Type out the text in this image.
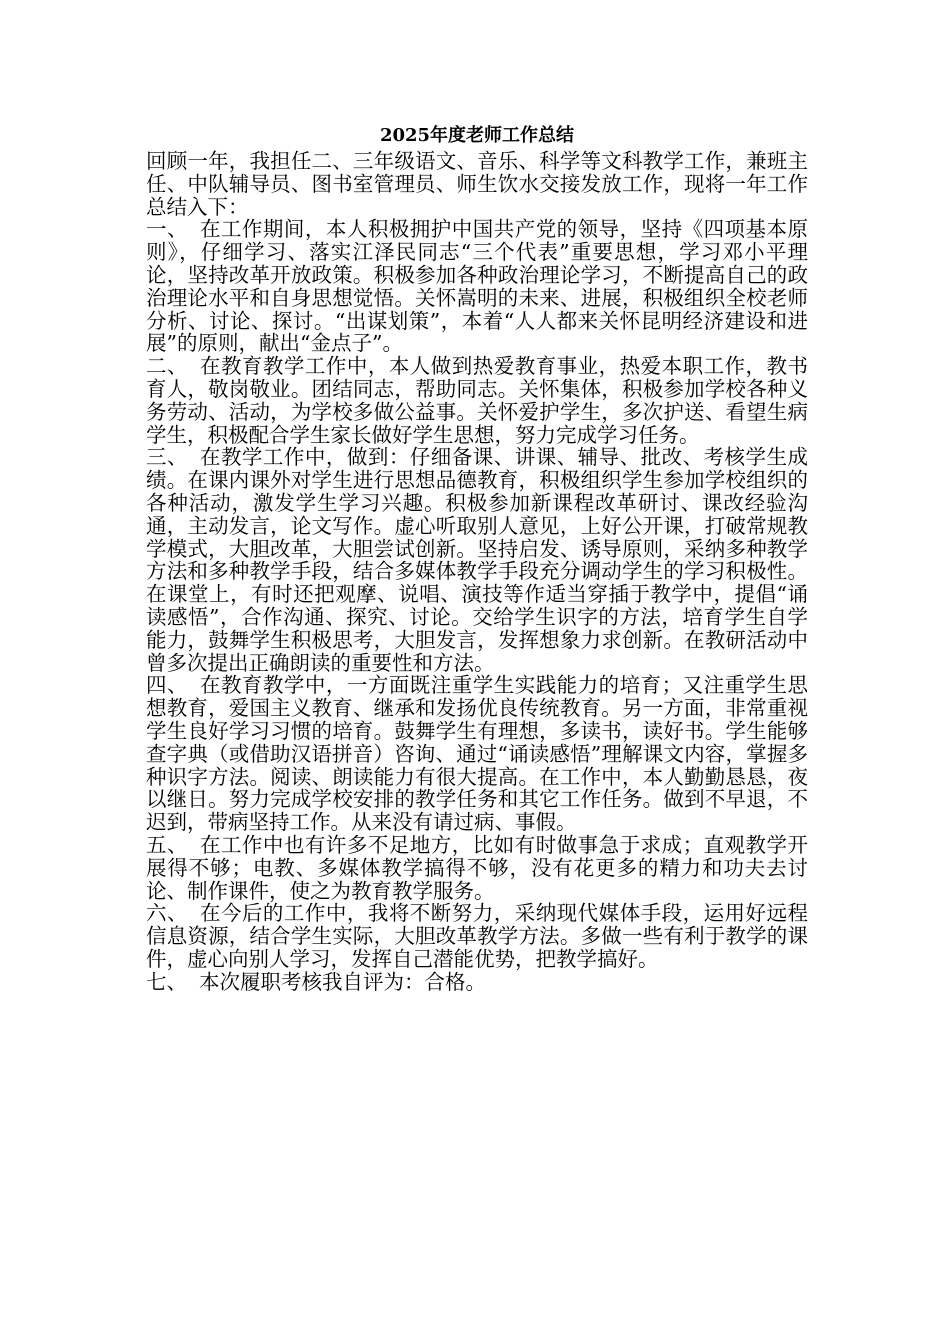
2025年度老师工作总结

回顾一年，我担任二、三年级语文、音乐、科学等文科教学工作，兼班主任、中队辅导员、图书室管理员、师生饮水交接发放工作，现将一年工作总结入下：

一、 在工作期间，本人积极拥护中国共产党的领导，坚持《四项基本原则》，仔细学习、落实江泽民同志“三个代表”重要思想，学习邓小平理论，坚持改革开放政策。积极参加各种政治理论学习，不断提高自己的政治理论水平和自身思想觉悟。关怀嵩明的未来、进展，积极组织全校老师分析、讨论、探讨。“出谋划策”，本着“人人都来关怀昆明经济建设和进展”的原则，献出“金点子”。

二、 在教育教学工作中，本人做到热爱教育事业，热爱本职工作，教书育人，敬岗敬业。团结同志，帮助同志。关怀集体，积极参加学校各种义务劳动、活动，为学校多做公益事。关怀爱护学生，多次护送、看望生病学生，积极配合学生家长做好学生思想，努力完成学习任务。

三、 在教学工作中，做到：仔细备课、讲课、辅导、批改、考核学生成绩。在课内课外对学生进行思想品德教育，积极组织学生参加学校组织的各种活动，激发学生学习兴趣。积极参加新课程改革研讨、课改经验沟通，主动发言，论文写作。虚心听取别人意见，上好公开课，打破常规教学模式，大胆改革，大胆尝试创新。坚持启发、诱导原则，采纳多种教学方法和多种教学手段，结合多媒体教学手段充分调动学生的学习积极性。在课堂上，有时还把观摩、说唱、演技等作适当穿插于教学中，提倡“诵读感悟”，合作沟通、探究、讨论。交给学生识字的方法，培育学生自学能力，鼓舞学生积极思考，大胆发言，发挥想象力求创新。在教研活动中曾多次提出正确朗读的重要性和方法。

四、 在教育教学中，一方面既注重学生实践能力的培育；又注重学生思想教育，爱国主义教育、继承和发扬优良传统教育。另一方面，非常重视学生良好学习习惯的培育。鼓舞学生有理想，多读书，读好书。学生能够查字典（或借助汉语拼音）咨询、通过“诵读感悟”理解课文内容，掌握多种识字方法。阅读、朗读能力有很大提高。在工作中，本人勤勤恳恳，夜以继日。努力完成学校安排的教学任务和其它工作任务。做到不早退，不迟到，带病坚持工作。从来没有请过病、事假。

五、 在工作中也有许多不足地方，比如有时做事急于求成；直观教学开展得不够；电教、多媒体教学搞得不够，没有花更多的精力和功夫去讨论、制作课件，使之为教育教学服务。

六、 在今后的工作中，我将不断努力，采纳现代媒体手段，运用好远程信息资源，结合学生实际，大胆改革教学方法。多做一些有利于教学的课件，虚心向别人学习，发挥自己潜能优势，把教学搞好。

七、 本次履职考核我自评为：合格。
